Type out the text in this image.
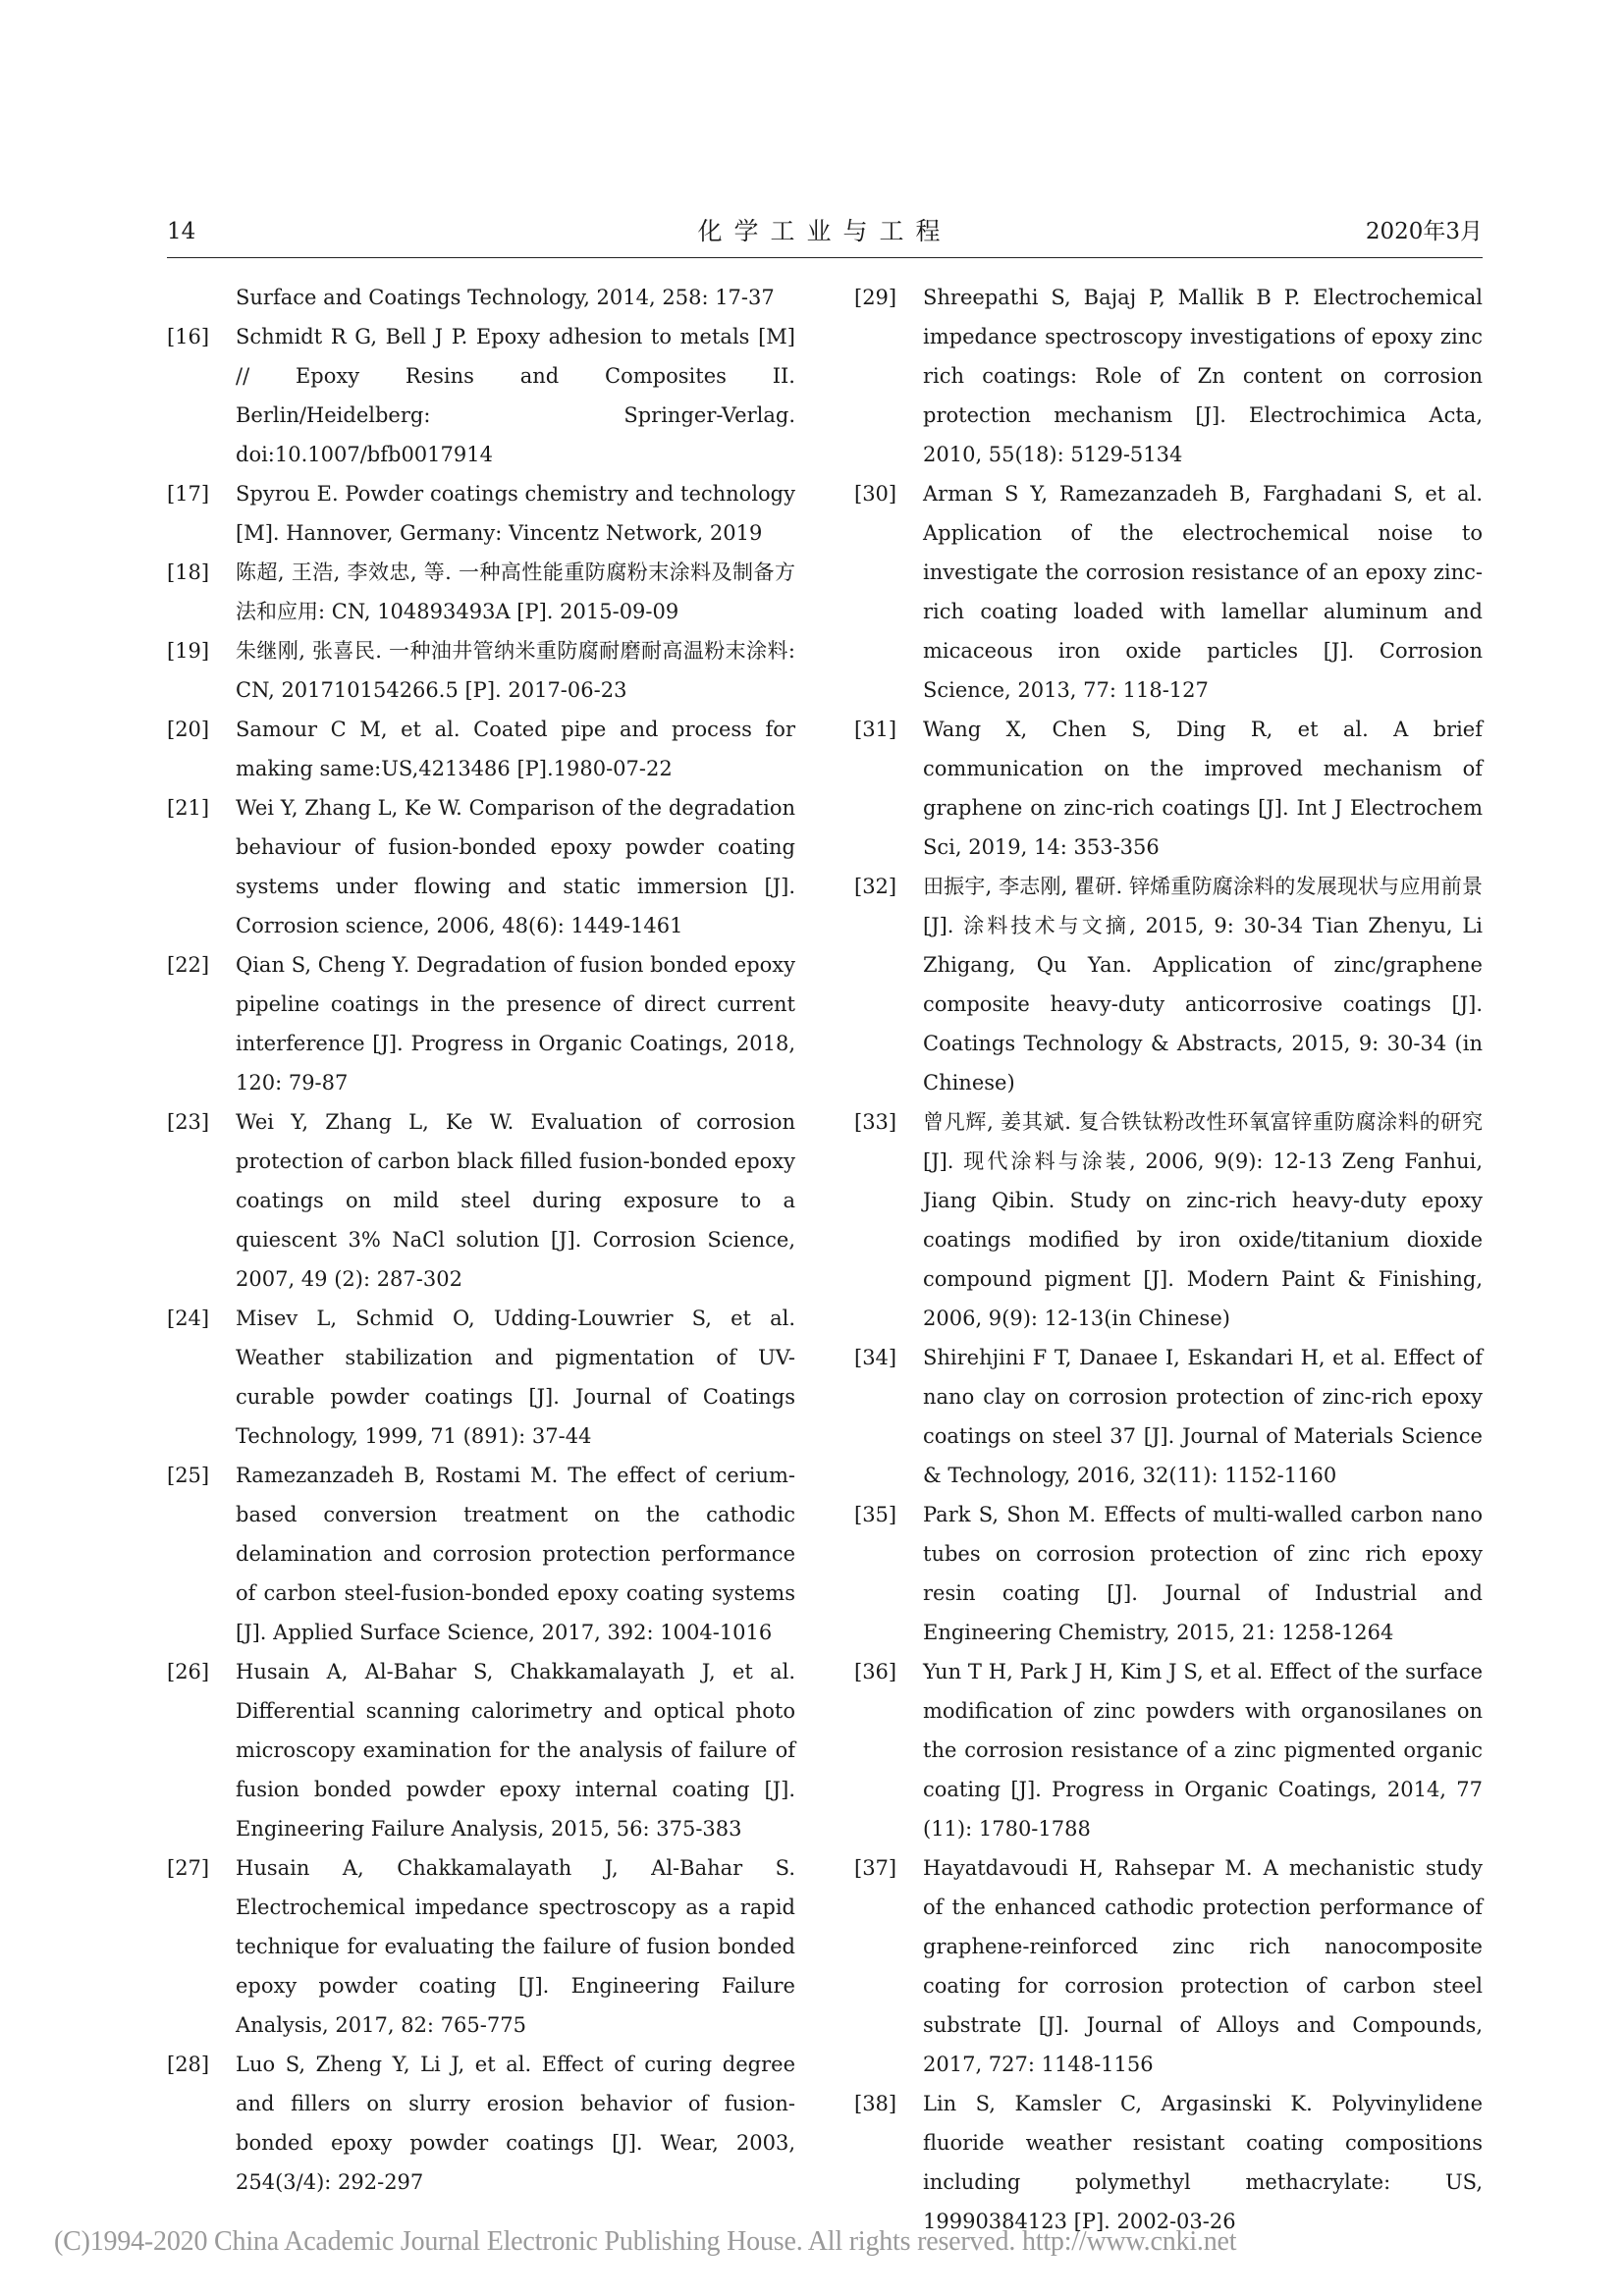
14	化学工业与工程	2020年3月
Surface and Coatings Technology, 2014, 258: 17-37
[16]	Schmidt R G, Bell J P. Epoxy adhesion to metals [M] // Epoxy Resins and Composites II. Berlin/Heidelberg: Springer-Verlag. doi:10.1007/bfb0017914
[17]	Spyrou E. Powder coatings chemistry and technology [M]. Hannover, Germany: Vincentz Network, 2019
[18]	陈超, 王浩, 李效忠, 等. 一种高性能重防腐粉末涂料及制备方法和应用: CN, 104893493A [P]. 2015-09-09
[19]	朱继刚, 张喜民. 一种油井管纳米重防腐耐磨耐高温粉末涂料: CN, 201710154266.5 [P]. 2017-06-23
[20]	Samour C M, et al. Coated pipe and process for making same:US,4213486 [P].1980-07-22
[21]	Wei Y, Zhang L, Ke W. Comparison of the degradation behaviour of fusion-bonded epoxy powder coating systems under flowing and static immersion [J]. Corrosion science, 2006, 48(6): 1449-1461
[22]	Qian S, Cheng Y. Degradation of fusion bonded epoxy pipeline coatings in the presence of direct current interference [J]. Progress in Organic Coatings, 2018, 120: 79-87
[23]	Wei Y, Zhang L, Ke W. Evaluation of corrosion protection of carbon black filled fusion-bonded epoxy coatings on mild steel during exposure to a quiescent 3% NaCl solution [J]. Corrosion Science, 2007, 49 (2): 287-302
[24]	Misev L, Schmid O, Udding-Louwrier S, et al. Weather stabilization and pigmentation of UV-curable powder coatings [J]. Journal of Coatings Technology, 1999, 71 (891): 37-44
[25]	Ramezanzadeh B, Rostami M. The effect of cerium-based conversion treatment on the cathodic delamination and corrosion protection performance of carbon steel-fusion-bonded epoxy coating systems [J]. Applied Surface Science, 2017, 392: 1004-1016
[26]	Husain A, Al-Bahar S, Chakkamalayath J, et al. Differential scanning calorimetry and optical photo microscopy examination for the analysis of failure of fusion bonded powder epoxy internal coating [J]. Engineering Failure Analysis, 2015, 56: 375-383
[27]	Husain A, Chakkamalayath J, Al-Bahar S. Electrochemical impedance spectroscopy as a rapid technique for evaluating the failure of fusion bonded epoxy powder coating [J]. Engineering Failure Analysis, 2017, 82: 765-775
[28]	Luo S, Zheng Y, Li J, et al. Effect of curing degree and fillers on slurry erosion behavior of fusion-bonded epoxy powder coatings [J]. Wear, 2003, 254(3/4): 292-297
[29]	Shreepathi S, Bajaj P, Mallik B P. Electrochemical impedance spectroscopy investigations of epoxy zinc rich coatings: Role of Zn content on corrosion protection mechanism [J]. Electrochimica Acta, 2010, 55(18): 5129-5134
[30]	Arman S Y, Ramezanzadeh B, Farghadani S, et al. Application of the electrochemical noise to investigate the corrosion resistance of an epoxy zinc-rich coating loaded with lamellar aluminum and micaceous iron oxide particles [J]. Corrosion Science, 2013, 77: 118-127
[31]	Wang X, Chen S, Ding R, et al. A brief communication on the improved mechanism of graphene on zinc-rich coatings [J]. Int J Electrochem Sci, 2019, 14: 353-356
[32]	田振宇, 李志刚, 瞿研. 锌烯重防腐涂料的发展现状与应用前景 [J]. 涂料技术与文摘, 2015, 9: 30-34 Tian Zhenyu, Li Zhigang, Qu Yan. Application of zinc/graphene composite heavy-duty anticorrosive coatings [J]. Coatings Technology & Abstracts, 2015, 9: 30-34 (in Chinese)
[33]	曾凡辉, 姜其斌. 复合铁钛粉改性环氧富锌重防腐涂料的研究 [J]. 现代涂料与涂装, 2006, 9(9): 12-13 Zeng Fanhui, Jiang Qibin. Study on zinc-rich heavy-duty epoxy coatings modified by iron oxide/titanium dioxide compound pigment [J]. Modern Paint & Finishing, 2006, 9(9): 12-13(in Chinese)
[34]	Shirehjini F T, Danaee I, Eskandari H, et al. Effect of nano clay on corrosion protection of zinc-rich epoxy coatings on steel 37 [J]. Journal of Materials Science & Technology, 2016, 32(11): 1152-1160
[35]	Park S, Shon M. Effects of multi-walled carbon nano tubes on corrosion protection of zinc rich epoxy resin coating [J]. Journal of Industrial and Engineering Chemistry, 2015, 21: 1258-1264
[36]	Yun T H, Park J H, Kim J S, et al. Effect of the surface modification of zinc powders with organosilanes on the corrosion resistance of a zinc pigmented organic coating [J]. Progress in Organic Coatings, 2014, 77 (11): 1780-1788
[37]	Hayatdavoudi H, Rahsepar M. A mechanistic study of the enhanced cathodic protection performance of graphene-reinforced zinc rich nanocomposite coating for corrosion protection of carbon steel substrate [J]. Journal of Alloys and Compounds, 2017, 727: 1148-1156
[38]	Lin S, Kamsler C, Argasinski K. Polyvinylidene fluoride weather resistant coating compositions including polymethyl methacrylate: US, 19990384123 [P]. 2002-03-26
(C)1994-2020 China Academic Journal Electronic Publishing House. All rights reserved. http://www.cnki.net
